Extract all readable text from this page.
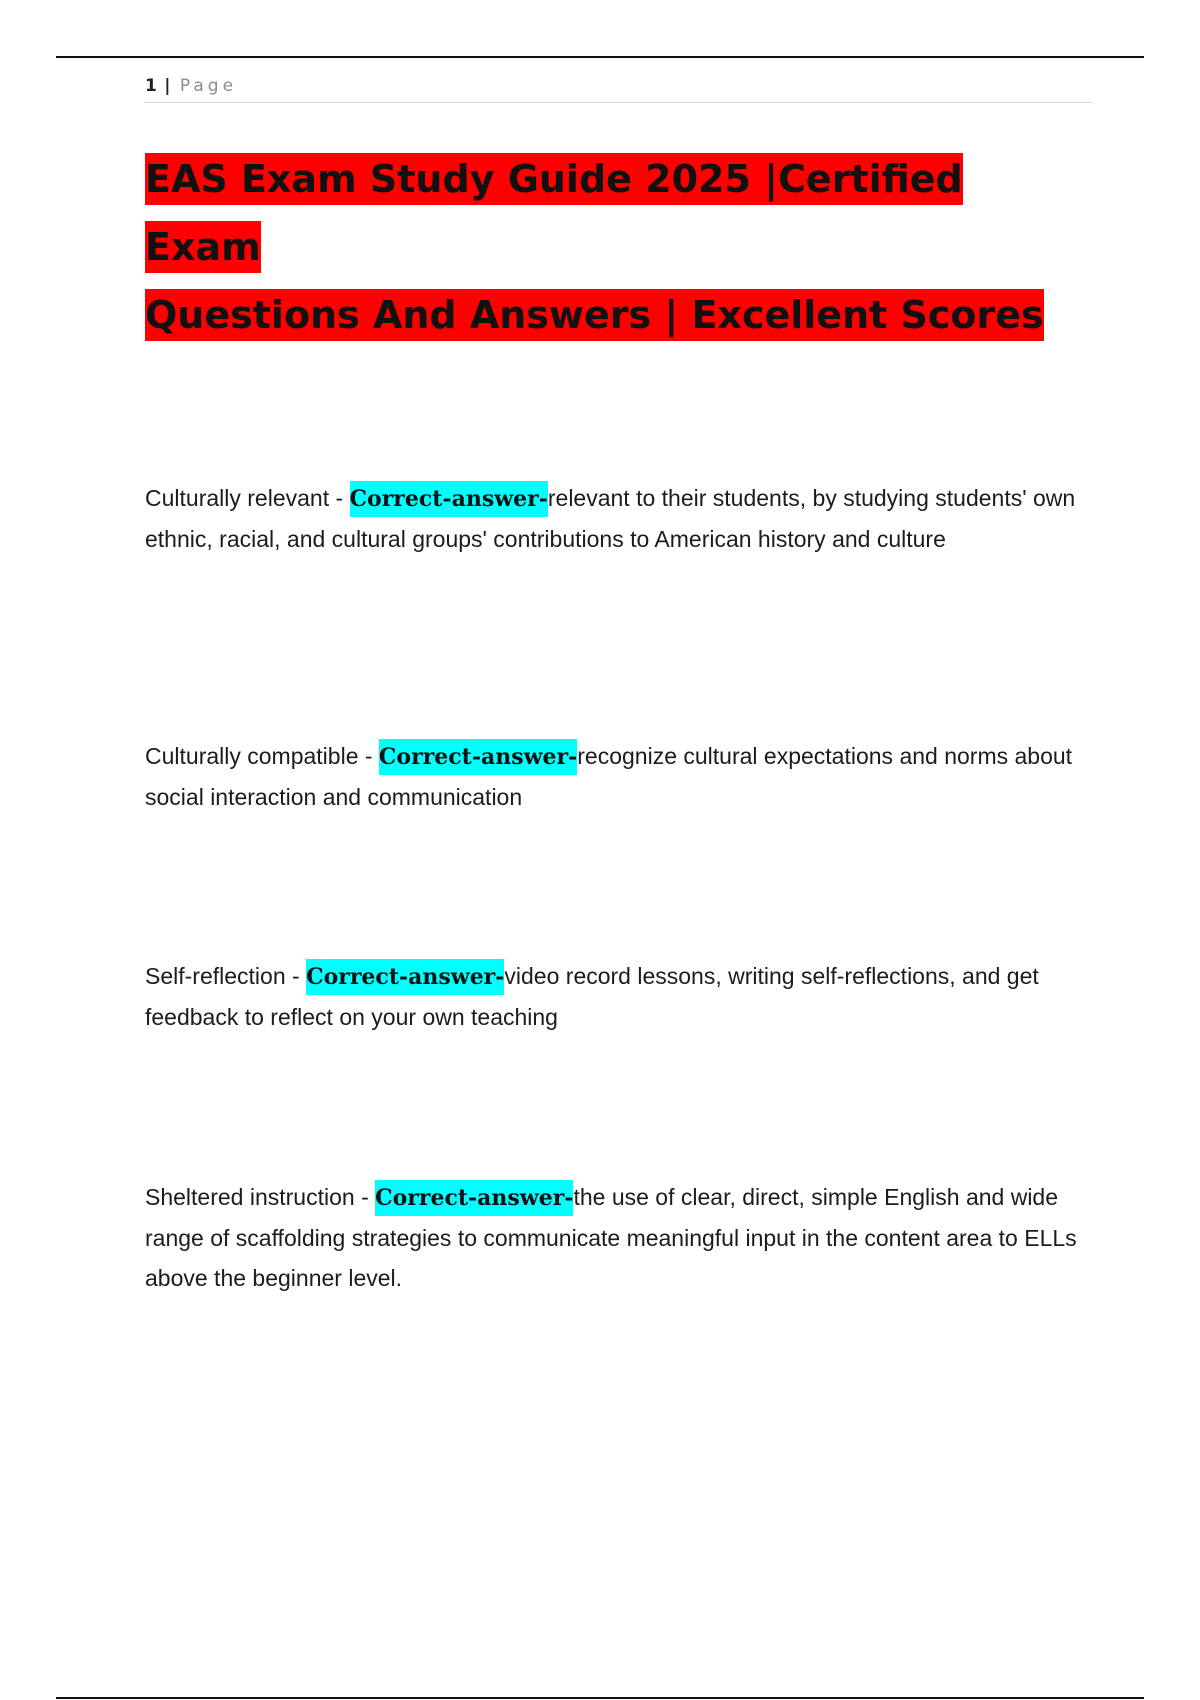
1 | Page
EAS Exam Study Guide 2025 |Certified Exam
Questions And Answers | Excellent Scores

Culturally relevant - Correct-answer-relevant to their students, by studying students' own ethnic, racial, and cultural groups' contributions to American history and culture

Culturally compatible - Correct-answer-recognize cultural expectations and norms about social interaction and communication

Self-reflection - Correct-answer-video record lessons, writing self-reflections, and get feedback to reflect on your own teaching

Sheltered instruction - Correct-answer-the use of clear, direct, simple English and wide range of scaffolding strategies to communicate meaningful input in the content area to ELLs above the beginner level.
